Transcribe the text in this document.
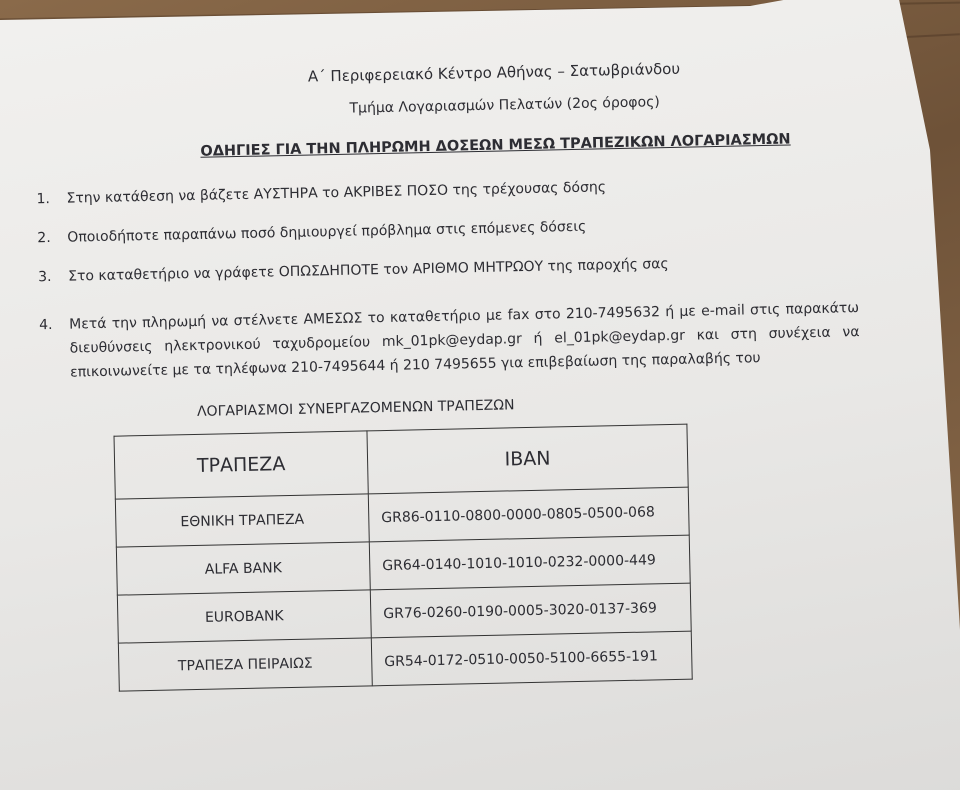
Α΄ Περιφερειακό Κέντρο Αθήνας – Σατωβριάνδου
Τμήμα Λογαριασμών Πελατών (2ος όροφος)
ΟΔΗΓΙΕΣ ΓΙΑ ΤΗΝ ΠΛΗΡΩΜΗ ΔΟΣΕΩΝ ΜΕΣΩ ΤΡΑΠΕΖΙΚΩΝ ΛΟΓΑΡΙΑΣΜΩΝ
1. Στην κατάθεση να βάζετε ΑΥΣΤΗΡΑ το ΑΚΡΙΒΕΣ ΠΟΣΟ της τρέχουσας δόσης
2. Οποιοδήποτε παραπάνω ποσό δημιουργεί πρόβλημα στις επόμενες δόσεις
3. Στο καταθετήριο να γράφετε ΟΠΩΣΔΗΠΟΤΕ τον ΑΡΙΘΜΟ ΜΗΤΡΩΟΥ της παροχής σας
4. Μετά την πληρωμή να στέλνετε ΑΜΕΣΩΣ το καταθετήριο με fax στο 210-7495632 ή με e-mail στις παρακάτω διευθύνσεις ηλεκτρονικού ταχυδρομείου mk_01pk@eydap.gr ή el_01pk@eydap.gr και στη συνέχεια να επικοινωνείτε με τα τηλέφωνα 210-7495644 ή 210 7495655 για επιβεβαίωση της παραλαβής του
ΛΟΓΑΡΙΑΣΜΟΙ ΣΥΝΕΡΓΑΖΟΜΕΝΩΝ ΤΡΑΠΕΖΩΝ
ΤΡΑΠΕΖΑ	IBAN
ΕΘΝΙΚΗ ΤΡΑΠΕΖΑ	GR86-0110-0800-0000-0805-0500-068
ALFA BANK	GR64-0140-1010-1010-0232-0000-449
EUROBANK	GR76-0260-0190-0005-3020-0137-369
ΤΡΑΠΕΖΑ ΠΕΙΡΑΙΩΣ	GR54-0172-0510-0050-5100-6655-191
